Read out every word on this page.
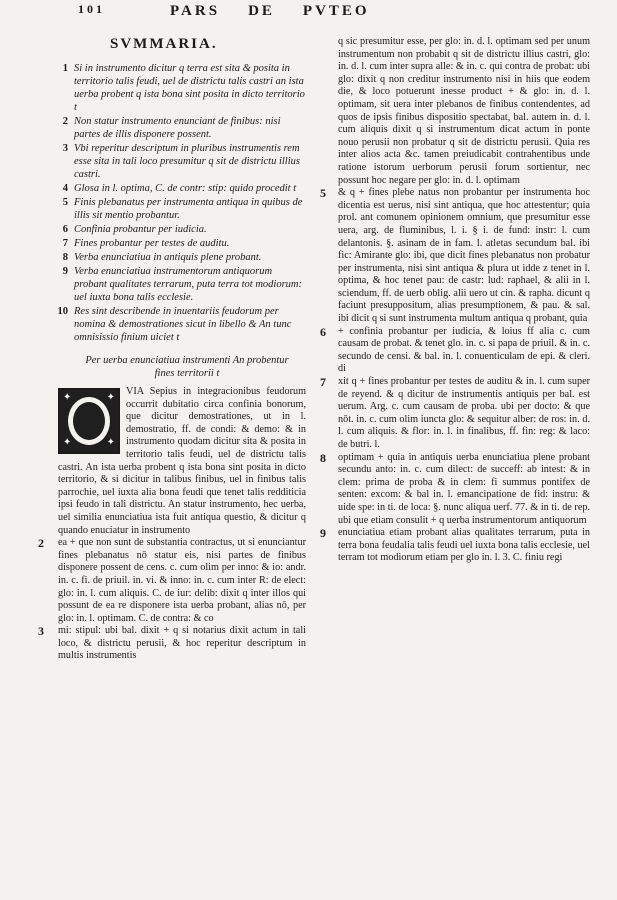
101	PARS DE PVTEO
SVMMARIA.
1 Si in instrumento dicitur q terra est sita & posita in territorio talis feudi, uel de districtu talis castri an ista uerba probent q ista bona sint posita in dicto territorio t
2 Non statur instrumento enunciant de finibus: nisi partes de illis disponere possent.
3 Vbi reperitur descriptum in pluribus instrumentis rem esse sita in tali loco presumitur q sit de districtu illius castri.
4 Glosa in l. optima, C. de contr: stip: quido procedit t
5 Finis plebanatus per instrumenta antiqua in quibus de illis sit mentio probantur.
6 Confinia probantur per iudicia.
7 Fines probantur per testes de auditu.
8 Verba enunciatiua in antiquis plene probant.
9 Verba enunciatiua instrumentorum antiquorum probant qualitates terrarum, puta terra tot modiorum: uel iuxta bona talis ecclesie.
10 Res sint describende in inuentariis feudorum per nomina & demostrationes sicut in libello & An tunc omnisissio finium uiciet t
Per uerba enunciatiua instrumenti An probentur fines territorii t
✦	✦
✦	✦

VIA Sepius in integracionibus feudorum occurrit dubitatio circa confinia bonorum, que dicitur demostrationes, ut in l. demostratio, ff. de condi: & demo: & in instrumento quodam dicitur sita & posita in territorio talis feudi, uel de districtu talis castri. An ista uerba probent q ista bona sint posita in dicto territorio, & si dicitur in talibus finibus, uel in finibus talis parrochie, uel iuxta alia bona feudi que tenet talis redditicia ipsi feudo in tali districtu. An statur instrumento, hec uerba, uel similia enunciatiua ista fuit antiqua questio, & dicitur q quando enuciatur in instrumento

2 ea + que non sunt de substantia contractus, ut si enunciantur fines plebanatus nō statur eis, nisi partes de finibus disponere possent de cens. c. cum olim per inno: & io: andr. in. c. fi. de priuil. in. vi. & inno: in. c. cum inter R: de elect: glo: in. l. cum aliquis. C. de iur: delib: dixit q inter illos qui possunt de ea re disponere ista uerba probant, alias nō, per glo: in. l. optimam. C. de contra: & co

3 mi: stipul: ubi bal. dixit + q si notarius dixit actum in tali loco, & districtu perusii, & hoc reperitur descriptum in multis instrumentis

q sic presumitur esse, per glo: in. d. l. optimam sed per unum instrumentum non probabit q sit de districtu illius castri, glo: in. d. l. cum inter supra alle: & in. c. qui contra de probat: ubi glo: dixit q non creditur instrumento nisi in hiis que eodem die, & loco potuerunt inesse product + & glo: in. d. l. optimam, sit uera inter plebanos de finibus contendentes, ad quos de ipsis finibus dispositio spectabat, bal. autem in. d. l. cum aliquis dixit q si instrumentum dicat actum in ponte nouo perusii non probatur q sit de districtu perusii. Quia res inter alios acta &c. tamen preiudicabit contrahentibus unde ratione istorum uerborum perusii forum sortientur, nec possunt hoc negare per glo: in. d. l. optimam

5 & q + fines plebe natus non probantur per instrumenta hoc dicentia est uerus, nisi sint antiqua, que hoc attestentur; quia prol. ant comunem opinionem omnium, que presumitur esse uera, arg. de fluminibus, l. i. § i. de fund: instr: l. cum delantonis. §. asinam de in fam. l. atletas secundum bal. ibi fic: Amirante glo: ibi, que dicit fines plebanatus non probatur per instrumenta, nisi sint antiqua & plura ut idde z tenet in l. optima, & hoc tenet pau: de castr: lud: raphael, & alii in l. sciendum, ff. de uerb oblig. alii uero ut cin. & rapha. dicunt q faciunt presuppositum, alias presumptionem, & pau. & sal. ibi dicit q si sunt instrumenta multum antiqua q probant, quia

6 + confinia probantur per iudicia, & loius ff alia c. cum causam de probat. & tenet glo. in. c. si papa de priuil. & in. c. secundo de censi. & bal. in. l. conuenticulam de epi. & cleri. di

7 xit q + fines probantur per testes de auditu & in. l. cum super de reyend. & q dicitur de instrumentis antiquis per bal. est uerum. Arg. c. cum causam de proba. ubi per docto: & que nōt. in. c. cum olim iuncta glo: & sequitur alber: de ros: in. d. l. cum aliquis. & flor: in. l. in finalibus, ff. fin: reg: & laco: de butri. l.

8 optimam + quia in antiquis uerba enunciatiua plene probant secundu anto: in. c. cum dilect: de succeff: ab intest: & in clem: prima de proba & in clem: fi summus pontifex de senten: excom: & bal in. l. emancipatione de fid: instru: & uide spe: in ti. de loca: §. nunc aliqua uerf. 77. & in ti. de rep. ubi que etiam consulit + q uerba instrumentorum antiquorum

9 enunciatiua etiam probant alias qualitates terrarum, puta in terra bona feudalia talis feudi uel iuxta bona talis ecclesie, uel terram tot modiorum etiam per glo in. l. 3. C. finiu regi
